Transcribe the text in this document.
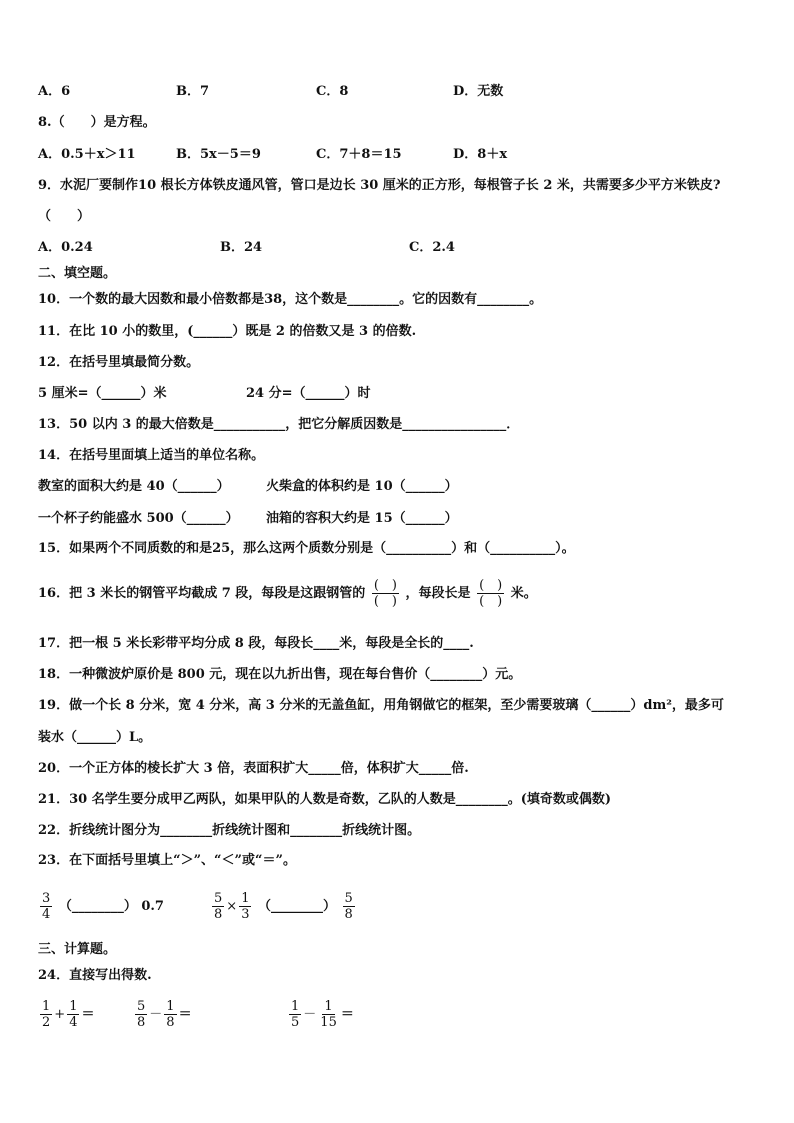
A．6	B．7	C．8	D．无数
8.（　　）是方程。
A．0.5＋x＞11	B．5x－5＝9	C．7＋8＝15	D．8＋x
9．水泥厂要制作10 根长方体铁皮通风管，管口是边长 30 厘米的正方形，每根管子长 2 米，共需要多少平方米铁皮?
（　　）
A．0.24	B．24	C．2.4
二、填空题。
10．一个数的最大因数和最小倍数都是38，这个数是________。它的因数有________。
11．在比 10 小的数里，(______）既是 2 的倍数又是 3 的倍数.
12．在括号里填最简分数。
5 厘米=（______）米	24 分=（______）时
13．50 以内 3 的最大倍数是___________，把它分解质因数是________________．
14．在括号里面填上适当的单位名称。
教室的面积大约是 40（______）	火柴盒的体积约是 10（______）
一个杯子约能盛水 500（______） 油箱的容积大约是 15（______）
15．如果两个不同质数的和是25，那么这两个质数分别是（__________）和（__________）。
16．把 3 米长的钢管平均截成 7 段，每段是这跟钢管的 $\frac{( )}{( )}$ ，每段长是 $\frac{( )}{( )}$ 米。
17．把一根 5 米长彩带平均分成 8 段，每段长____米，每段是全长的____.
18．一种微波炉原价是 800 元，现在以九折出售，现在每台售价（________）元。
19．做一个长 8 分米，宽 4 分米，高 3 分米的无盖鱼缸，用角钢做它的框架，至少需要玻璃（______）dm²，最多可
装水（______）L。
20．一个正方体的棱长扩大 3 倍，表面积扩大_____倍，体积扩大_____倍.
21．30 名学生要分成甲乙两队，如果甲队的人数是奇数，乙队的人数是________。(填奇数或偶数)
22．折线统计图分为________折线统计图和________折线统计图。
23．在下面括号里填上“＞”、“＜”或“＝”。
$\frac{3}{4}$ （________） 0.7	$\frac{5}{8} \times \frac{1}{3}$ （________） $\frac{5}{8}$
三、计算题。
24．直接写出得数.
$\frac{1}{2} + \frac{1}{4}$ ＝	$\frac{5}{8} - \frac{1}{8}$ ＝	$\frac{1}{5} - \frac{1}{15}$ ＝
